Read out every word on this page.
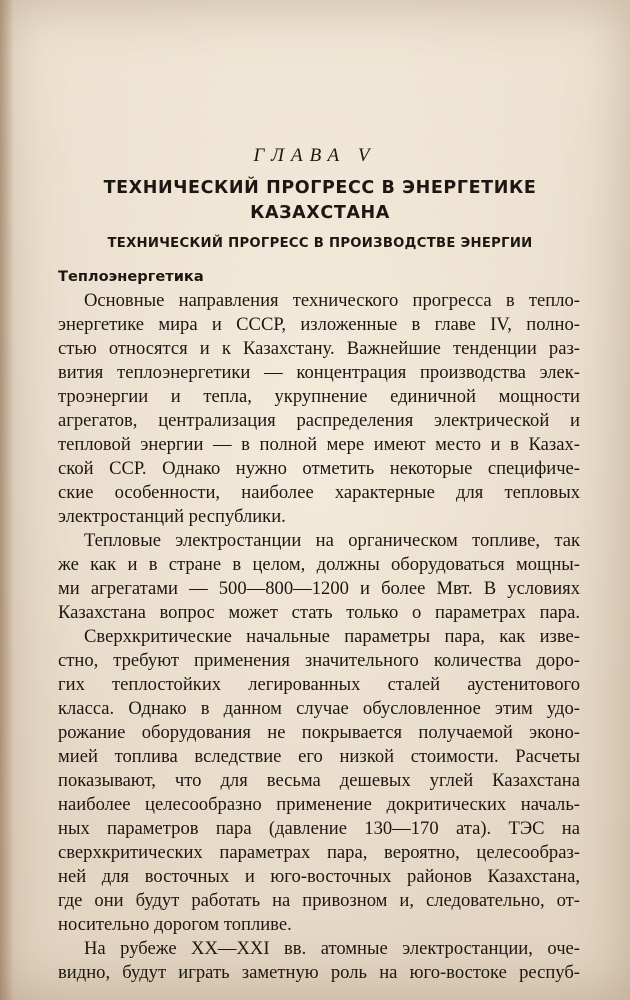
ГЛАВА V
ТЕХНИЧЕСКИЙ ПРОГРЕСС В ЭНЕРГЕТИКЕ
КАЗАХСТАНА
ТЕХНИЧЕСКИЙ ПРОГРЕСС В ПРОИЗВОДСТВЕ ЭНЕРГИИ
Теплоэнергетика
Основные направления технического прогресса в тепло-
энергетике мира и СССР, изложенные в главе IV, полно-
стью относятся и к Казахстану. Важнейшие тенденции раз-
вития теплоэнергетики — концентрация производства элек-
троэнергии и тепла, укрупнение единичной мощности
агрегатов, централизация распределения электрической и
тепловой энергии — в полной мере имеют место и в Казах-
ской ССР. Однако нужно отметить некоторые специфиче-
ские особенности, наиболее характерные для тепловых
электростанций республики.
Тепловые электростанции на органическом топливе, так
же как и в стране в целом, должны оборудоваться мощны-
ми агрегатами — 500—800—1200 и более Мвт. В условиях
Казахстана вопрос может стать только о параметрах пара.
Сверхкритические начальные параметры пара, как изве-
стно, требуют применения значительного количества доро-
гих теплостойких легированных сталей аустенитового
класса. Однако в данном случае обусловленное этим удо-
рожание оборудования не покрывается получаемой эконо-
мией топлива вследствие его низкой стоимости. Расчеты
показывают, что для весьма дешевых углей Казахстана
наиболее целесообразно применение докритических началь-
ных параметров пара (давление 130—170 ата). ТЭС на
сверхкритических параметрах пара, вероятно, целесообраз-
ней для восточных и юго-восточных районов Казахстана,
где они будут работать на привозном и, следовательно, от-
носительно дорогом топливе.
На рубеже XX—XXI вв. атомные электростанции, оче-
видно, будут играть заметную роль на юго-востоке респуб-
